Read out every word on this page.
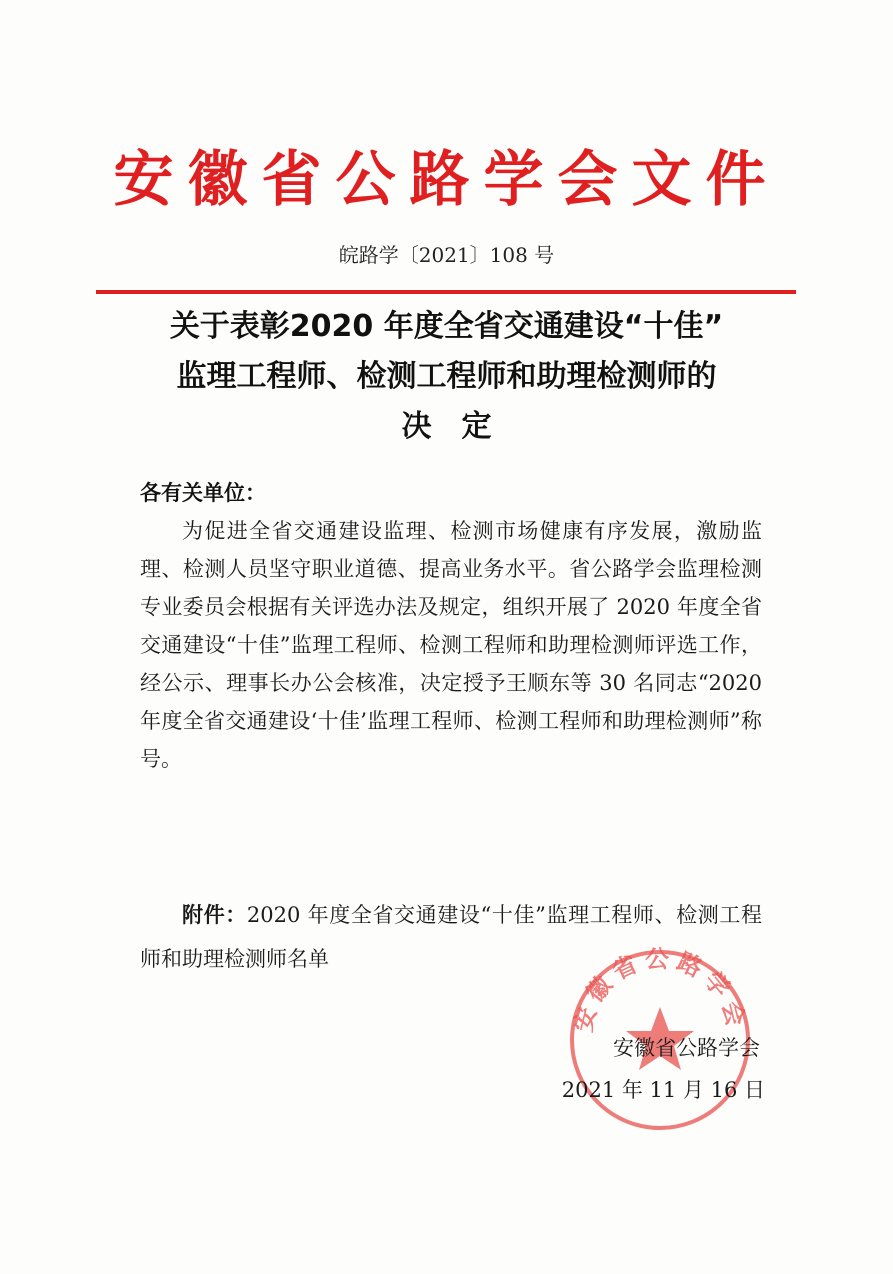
安徽省公路学会文件
皖路学〔2021〕108 号
关于表彰2020 年度全省交通建设“十佳”
监理工程师、检测工程师和助理检测师的
决定
各有关单位：
为促进全省交通建设监理、检测市场健康有序发展，激励监理、检测人员坚守职业道德、提高业务水平。省公路学会监理检测专业委员会根据有关评选办法及规定，组织开展了 2020 年度全省交通建设“十佳”监理工程师、检测工程师和助理检测师评选工作，经公示、理事长办公会核准，决定授予王顺东等 30 名同志“2020 年度全省交通建设‘十佳’监理工程师、检测工程师和助理检测师”称号。
附件：2020 年度全省交通建设“十佳”监理工程师、检测工程师和助理检测师名单
安徽省公路学会
安徽省公路学会
2021 年 11 月 16 日
